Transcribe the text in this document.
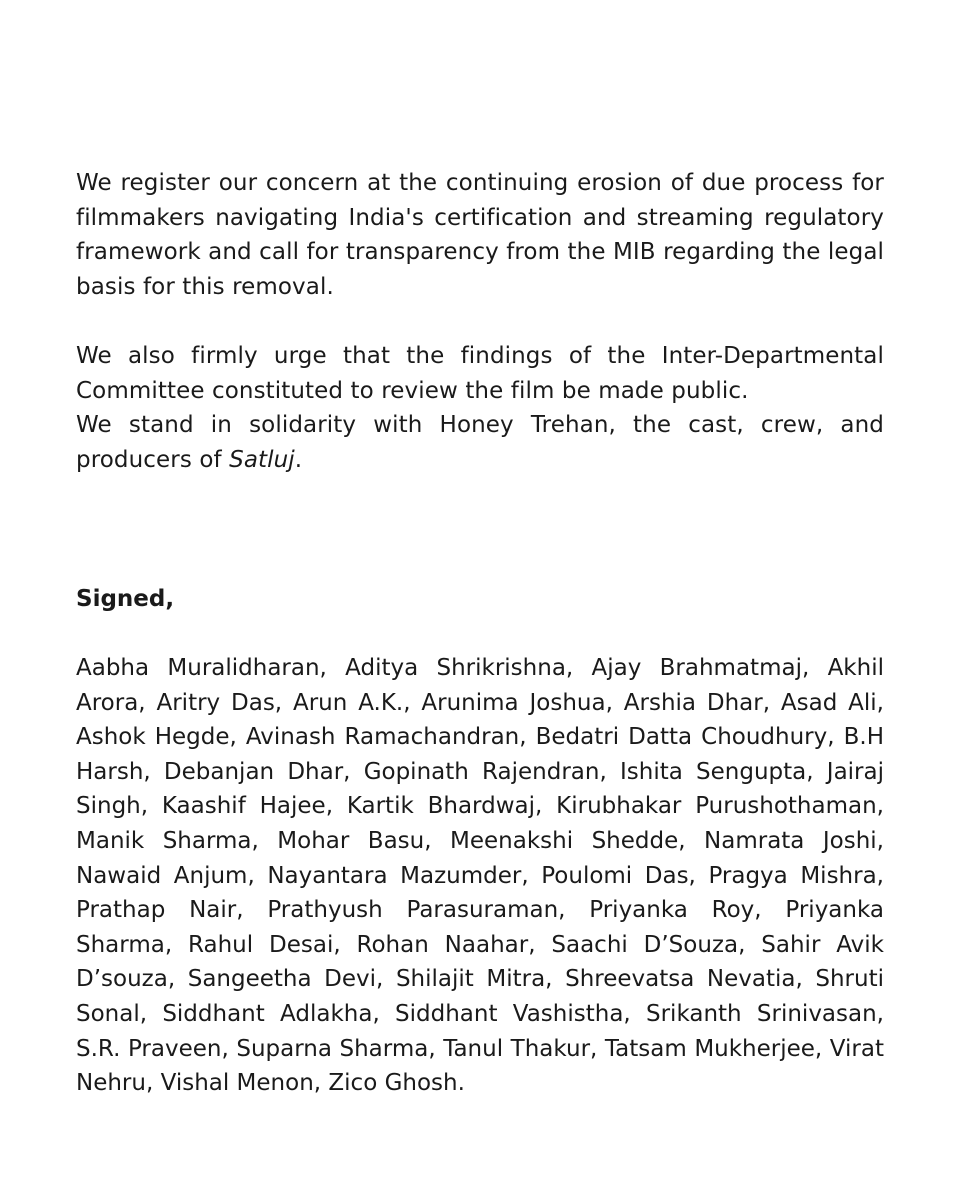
We register our concern at the continuing erosion of due process for filmmakers navigating India's certification and streaming regulatory framework and call for transparency from the MIB regarding the legal basis for this removal.

We also firmly urge that the findings of the Inter-Departmental Committee constituted to review the film be made public.

We stand in solidarity with Honey Trehan, the cast, crew, and producers of Satluj.

Signed,

Aabha Muralidharan, Aditya Shrikrishna, Ajay Brahmatmaj, Akhil Arora, Aritry Das, Arun A.K., Arunima Joshua, Arshia Dhar, Asad Ali, Ashok Hegde, Avinash Ramachandran, Bedatri Datta Choudhury, B.H Harsh, Debanjan Dhar, Gopinath Rajendran, Ishita Sengupta, Jairaj Singh, Kaashif Hajee, Kartik Bhardwaj, Kirubhakar Purushothaman, Manik Sharma, Mohar Basu, Meenakshi Shedde, Namrata Joshi, Nawaid Anjum, Nayantara Mazumder, Poulomi Das, Pragya Mishra, Prathap Nair, Prathyush Parasuraman, Priyanka Roy, Priyanka Sharma, Rahul Desai, Rohan Naahar, Saachi D’Souza, Sahir Avik D’souza, Sangeetha Devi, Shilajit Mitra, Shreevatsa Nevatia, Shruti Sonal, Siddhant Adlakha, Siddhant Vashistha, Srikanth Srinivasan, S.R. Praveen, Suparna Sharma, Tanul Thakur, Tatsam Mukherjee, Virat Nehru, Vishal Menon, Zico Ghosh.
